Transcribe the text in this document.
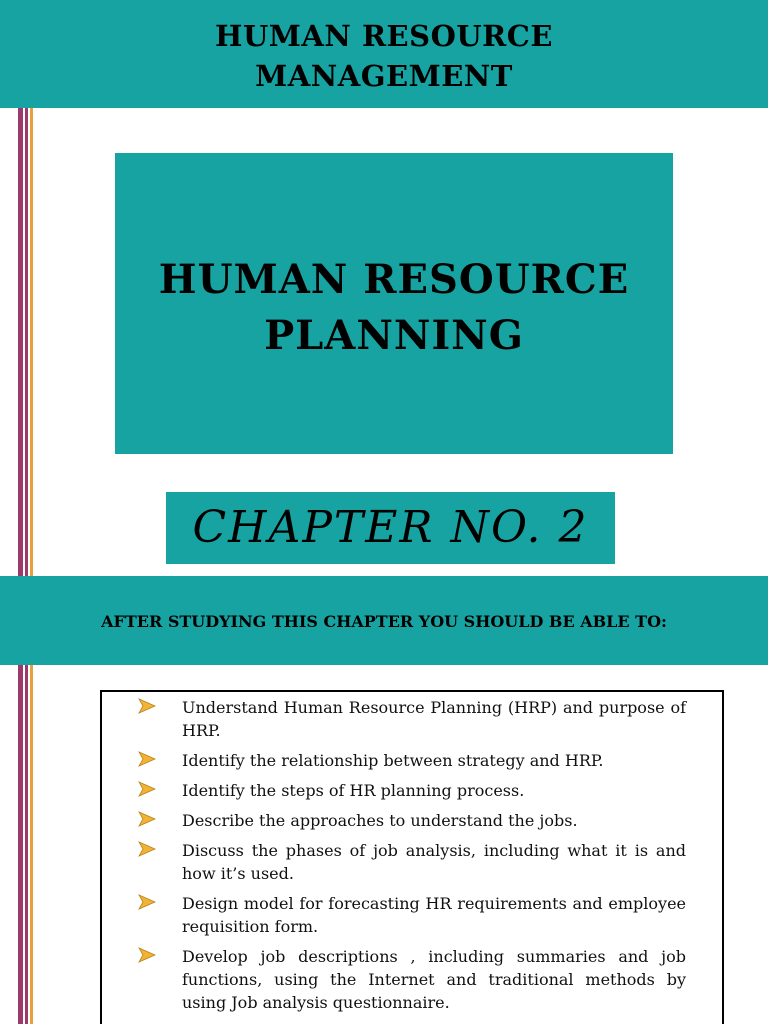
HUMAN RESOURCE
MANAGEMENT
HUMAN RESOURCE
PLANNING
CHAPTER NO. 2
AFTER STUDYING THIS CHAPTER YOU SHOULD BE ABLE TO:
Understand Human Resource Planning (HRP) and purpose of HRP.
Identify the relationship between strategy and HRP.
Identify the steps of HR planning process.
Describe the approaches to understand the jobs.
Discuss the phases of job analysis, including what it is and how it’s used.
Design model for forecasting HR requirements and employee requisition form.
Develop job descriptions , including summaries and job functions, using the Internet and traditional methods by using Job analysis questionnaire.
